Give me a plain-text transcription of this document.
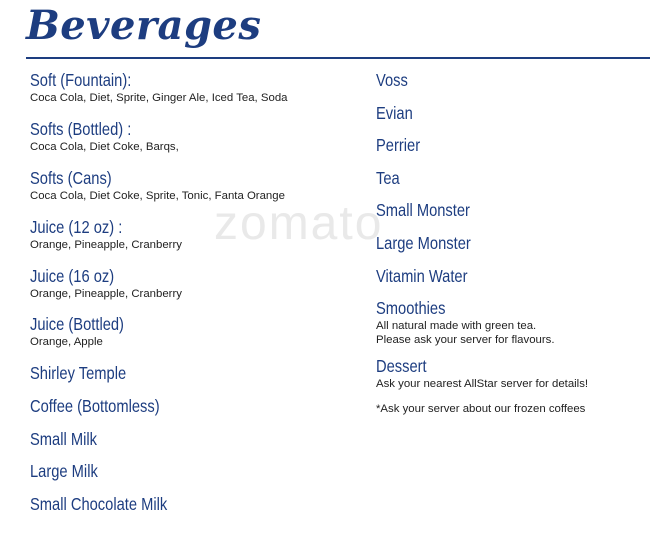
Beverages
zomato
Soft (Fountain):
Coca Cola, Diet, Sprite, Ginger Ale, Iced Tea, Soda
Softs (Bottled) :
Coca Cola, Diet Coke, Barqs,
Softs (Cans)
Coca Cola, Diet Coke, Sprite, Tonic, Fanta Orange
Juice (12 oz) :
Orange, Pineapple, Cranberry
Juice (16 oz)
Orange, Pineapple, Cranberry
Juice (Bottled)
Orange, Apple
Shirley Temple
Coffee (Bottomless)
Small Milk
Large Milk
Small Chocolate Milk
Voss
Evian
Perrier
Tea
Small Monster
Large Monster
Vitamin Water
Smoothies
All natural made with green tea.
Please ask your server for flavours.
Dessert
Ask your nearest AllStar server for details!
*Ask your server about our frozen coffees
